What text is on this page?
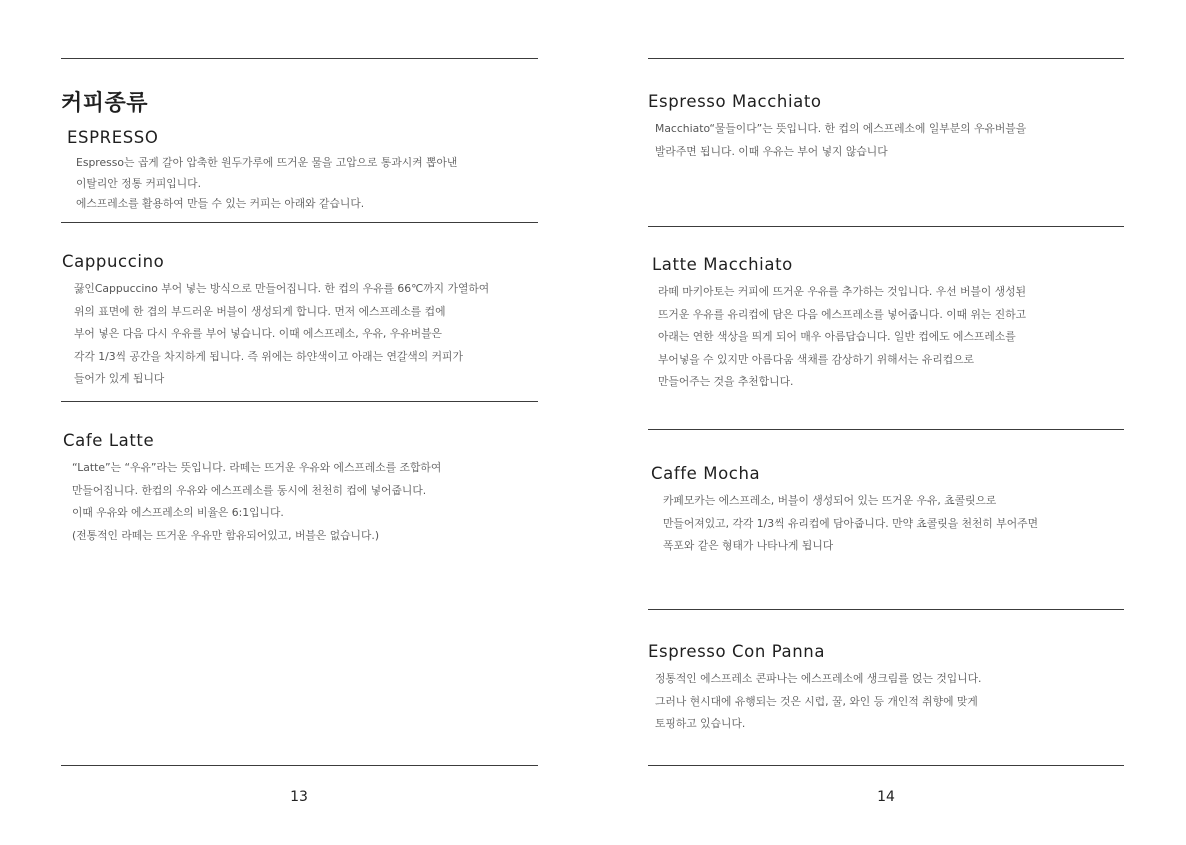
커피종류
ESPRESSO

Espresso는 곱게 갈아 압축한 원두가루에 뜨거운 물을 고압으로 통과시켜 뽑아낸

이탈리안 정통 커피입니다.

에스프레소를 활용하여 만들 수 있는 커피는 아래와 같습니다.

Cappuccino

끓인Cappuccino 부어 넣는 방식으로 만들어집니다. 한 컵의 우유를 66℃까지 가열하여

위의 표면에 한 겹의 부드러운 버블이 생성되게 합니다. 먼저 에스프레소를 컵에

부어 넣은 다음 다시 우유를 부어 넣습니다. 이때 에스프레소, 우유, 우유버블은

각각 1/3씩 공간을 차지하게 됩니다. 즉 위에는 하얀색이고 아래는 연갈색의 커피가

들어가 있게 됩니다

Cafe Latte

“Latte”는 “우유”라는 뜻입니다. 라떼는 뜨거운 우유와 에스프레소를 조합하여

만들어집니다. 한컵의 우유와 에스프레소를 동시에 천천히 컵에 넣어줍니다.

이때 우유와 에스프레소의 비율은 6:1입니다.

(전통적인 라떼는 뜨거운 우유만 함유되어있고, 버블은 없습니다.)

13
Espresso Macchiato

Macchiato“물들이다”는 뜻입니다. 한 컵의 에스프레소에 일부분의 우유버블을

발라주면 됩니다. 이때 우유는 부어 넣지 않습니다

Latte Macchiato

라떼 마키아토는 커피에 뜨거운 우유를 추가하는 것입니다. 우선 버블이 생성된

뜨거운 우유를 유리컵에 담은 다음 에스프레소를 넣어줍니다. 이때 위는 진하고

아래는 연한 색상을 띄게 되어 매우 아름답습니다. 일반 컵에도 에스프레소를

부어넣을 수 있지만 아름다움 색채를 감상하기 위해서는 유리컵으로

만들어주는 것을 추천합니다.

Caffe Mocha

카페모카는 에스프레소, 버블이 생성되어 있는 뜨거운 우유, 쵸콜릿으로

만들어져있고, 각각 1/3씩 유리컵에 담아줍니다. 만약 쵸콜릿을 천천히 부어주면

폭포와 같은 형태가 나타나게 됩니다

Espresso Con Panna

정통적인 에스프레소 콘파나는 에스프레소에 생크림를 얹는 것입니다.

그러나 현시대에 유행되는 것은 시럽, 꿀, 와인 등 개인적 취향에 맞게

토핑하고 있습니다.

14
